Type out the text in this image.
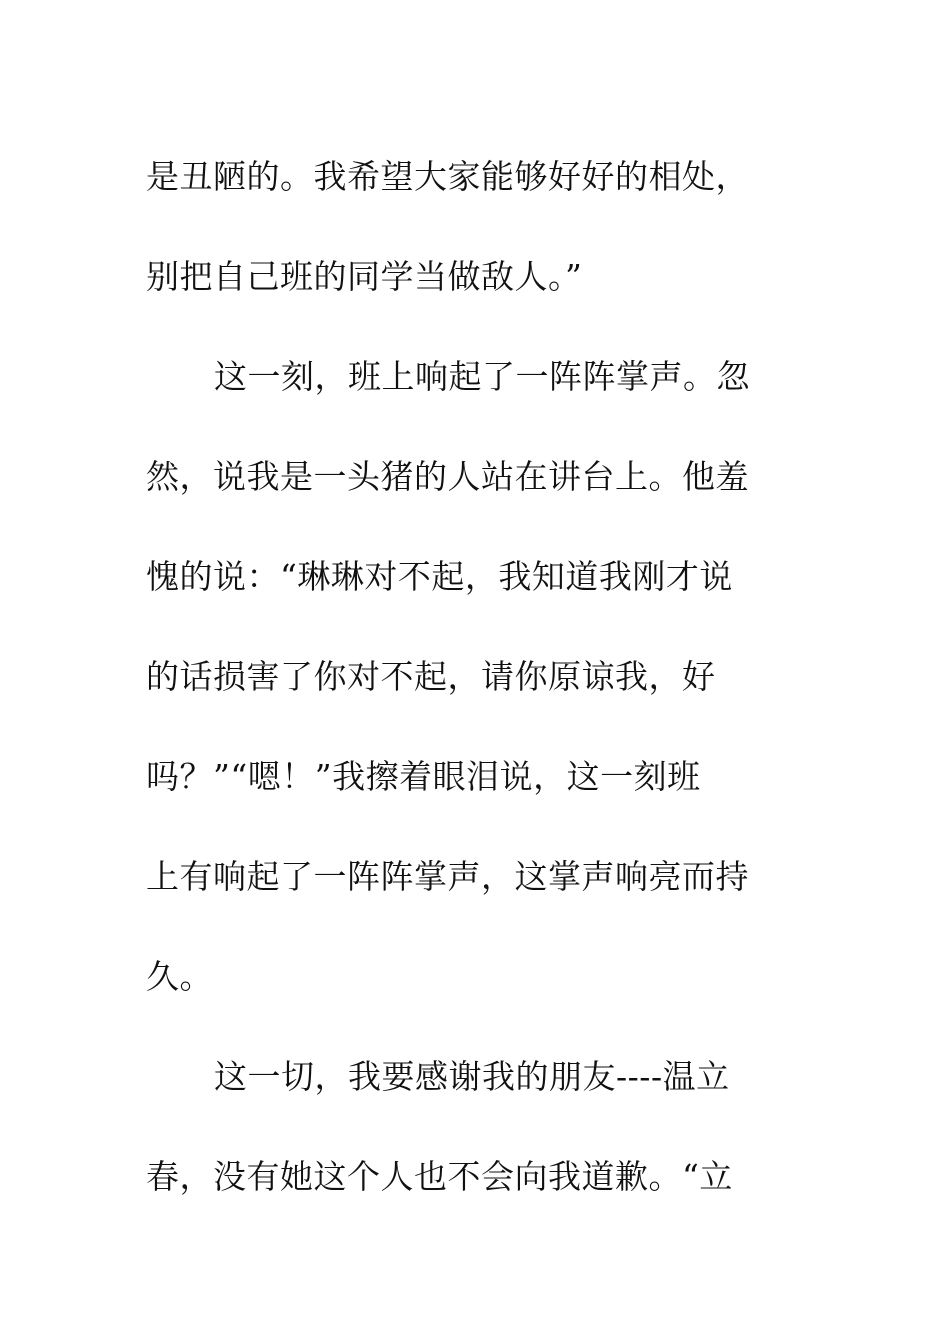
是丑陋的。我希望大家能够好好的相处，
别把自己班的同学当做敌人。”
这一刻，班上响起了一阵阵掌声。忽
然，说我是一头猪的人站在讲台上。他羞
愧的说：“琳琳对不起，我知道我刚才说
的话损害了你对不起，请你原谅我，好
吗？”“嗯！”我擦着眼泪说，这一刻班
上有响起了一阵阵掌声，这掌声响亮而持
久。
这一切，我要感谢我的朋友----温立
春，没有她这个人也不会向我道歉。“立
